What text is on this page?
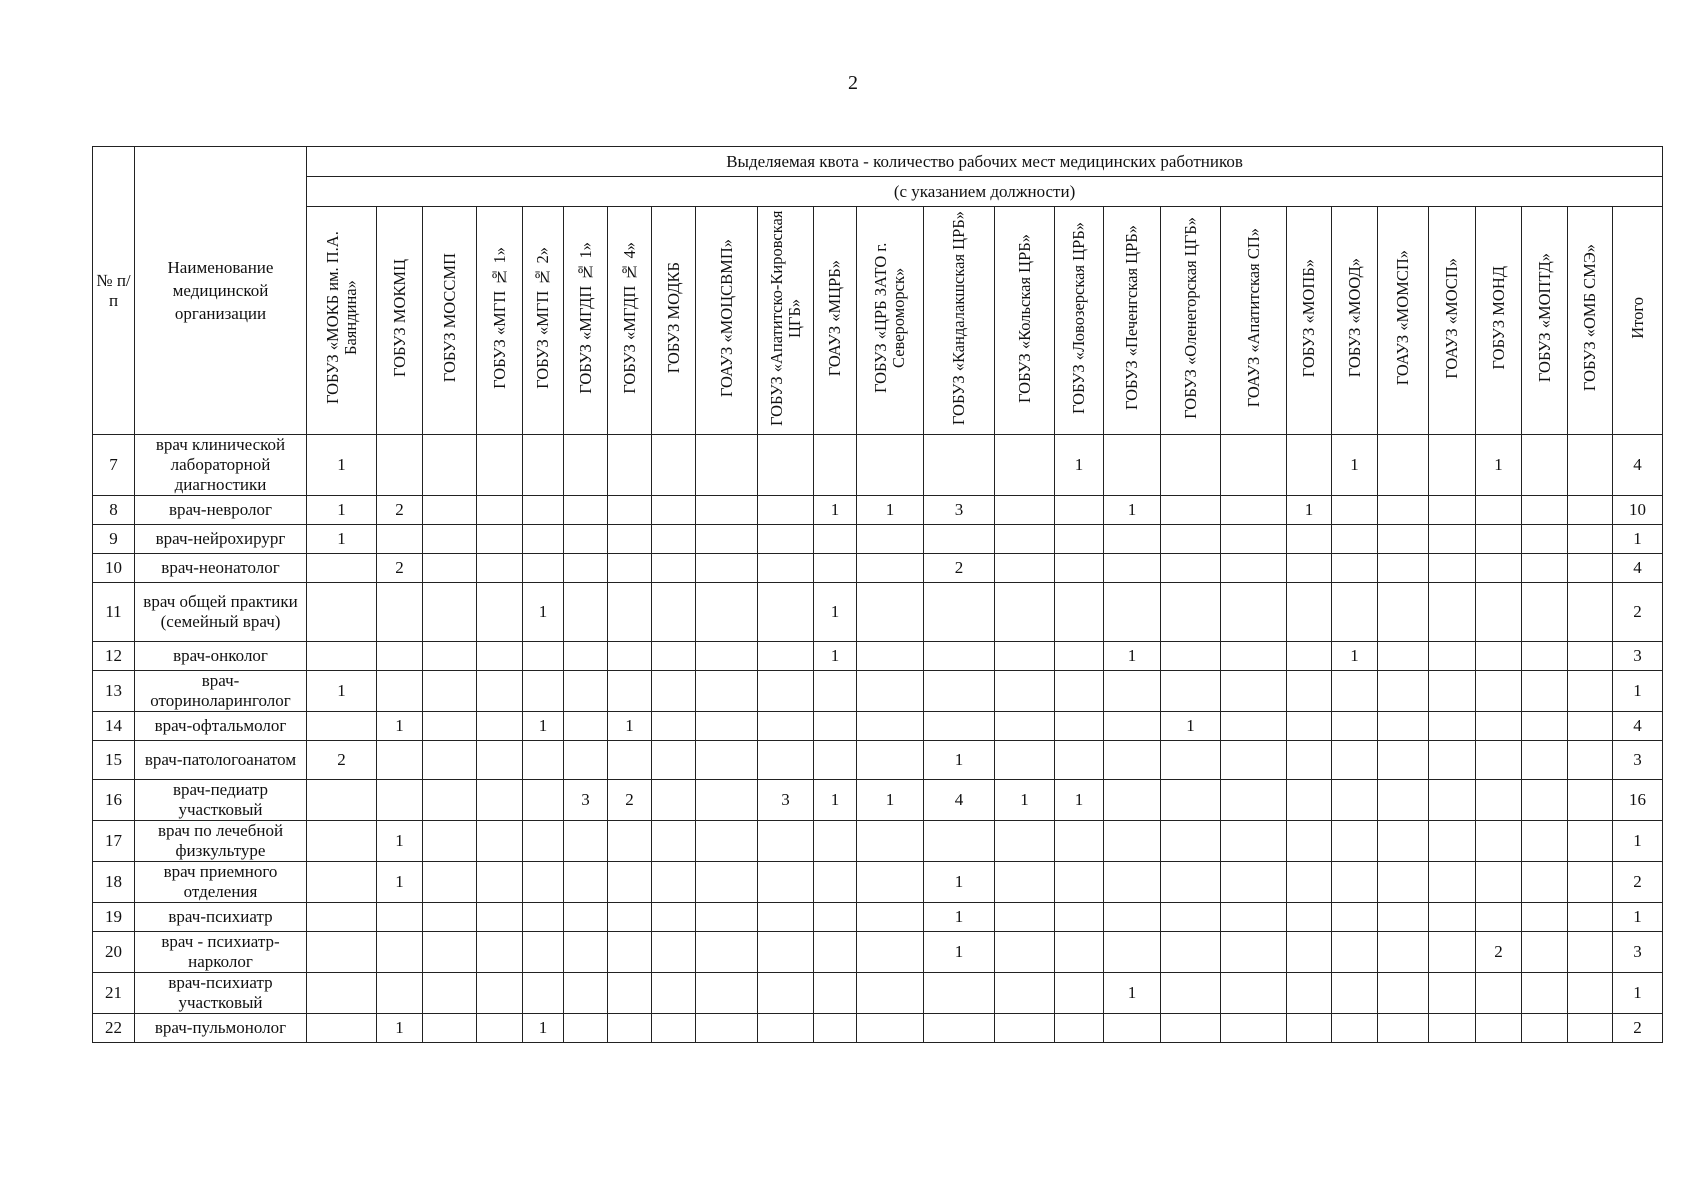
2
№ п/п	Наименование медицинской организации	Выделяемая квота - количество рабочих мест медицинских работников																									
		(с указанием должности)																									
		ГОБУЗ «МОКБ им. П.А. Баяндина»	ГОБУЗ МОКМЦ	ГОБУЗ МОССМП	ГОБУЗ «МГП № 1»	ГОБУЗ «МГП № 2»	ГОБУЗ «МГДП № 1»	ГОБУЗ «МГДП № 4»	ГОБУЗ МОДКБ	ГОАУЗ «МОЦСВМП»	ГОБУЗ «Апатитско-Кировская ЦГБ»	ГОАУЗ «МЦРБ»	ГОБУЗ «ЦРБ ЗАТО г. Североморск»	ГОБУЗ «Кандалакшская ЦРБ»	ГОБУЗ «Кольская ЦРБ»	ГОБУЗ «Ловозерская ЦРБ»	ГОБУЗ «Печенгская ЦРБ»	ГОБУЗ «Оленегорская ЦГБ»	ГОАУЗ «Апатитская СП»	ГОБУЗ «МОПБ»	ГОБУЗ «МООД»	ГОАУЗ «МОМСП»	ГОАУЗ «МОСП»	ГОБУЗ МОНД	ГОБУЗ «МОПТД»	ГОБУЗ «ОМБ СМЭ»	Итого
7	врач клинической лабораторной диагностики	1														1					1			1			4
8	врач-невролог	1	2									1	1	3			1			1							10
9	врач-нейрохирург	1																									1
10	врач-неонатолог		2											2													4
11	врач общей практики (семейный врач)					1						1															2
12	врач-онколог											1					1				1						3
13	врач-оториноларинголог	1																									1
14	врач-офтальмолог		1			1		1										1									4
15	врач-патологоанатом	2												1													3
16	врач-педиатр участковый						3	2			3	1	1	4	1	1											16
17	врач по лечебной физкультуре		1																								1
18	врач приемного отделения		1											1													2
19	врач-психиатр													1													1
20	врач - психиатр-нарколог													1										2			3
21	врач-психиатр участковый																1										1
22	врач-пульмонолог		1			1																					2
